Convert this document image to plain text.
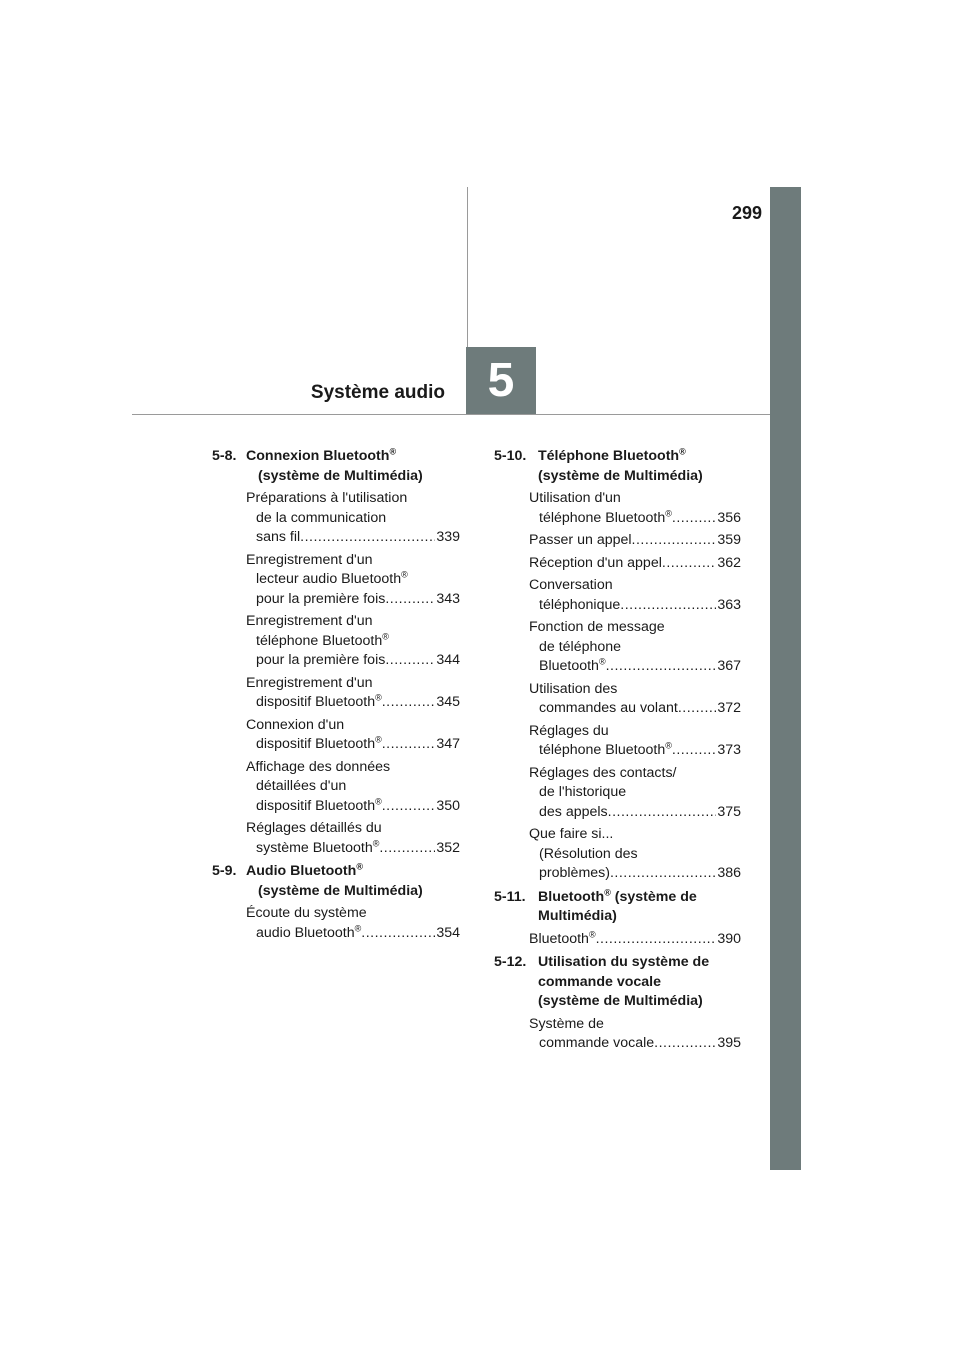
299
5
Système audio
5-8. Connexion Bluetooth®
(système de Multimédia)
Préparations à l'utilisation
de la communication
sans fil .....	339
Enregistrement d'un
lecteur audio Bluetooth®
pour la première fois .....	343
Enregistrement d'un
téléphone Bluetooth®
pour la première fois .....	344
Enregistrement d'un
dispositif Bluetooth® .....	345
Connexion d'un
dispositif Bluetooth® .....	347
Affichage des données
détaillées d'un
dispositif Bluetooth® .....	350
Réglages détaillés du
système Bluetooth® .....	352
5-9. Audio Bluetooth®
(système de Multimédia)
Écoute du système
audio Bluetooth® .....	354
5-10. Téléphone Bluetooth®
(système de Multimédia)
Utilisation d'un
téléphone Bluetooth® .....	356
Passer un appel .....	359
Réception d'un appel .....	362
Conversation
téléphonique .....	363
Fonction de message
de téléphone
Bluetooth® .....	367
Utilisation des
commandes au volant .....	372
Réglages du
téléphone Bluetooth® .....	373
Réglages des contacts/
de l'historique
des appels .....	375
Que faire si...
(Résolution des
problèmes) .....	386
5-11. Bluetooth® (système de
Multimédia)
Bluetooth® .....	390
5-12. Utilisation du système de
commande vocale
(système de Multimédia)
Système de
commande vocale .....	395
